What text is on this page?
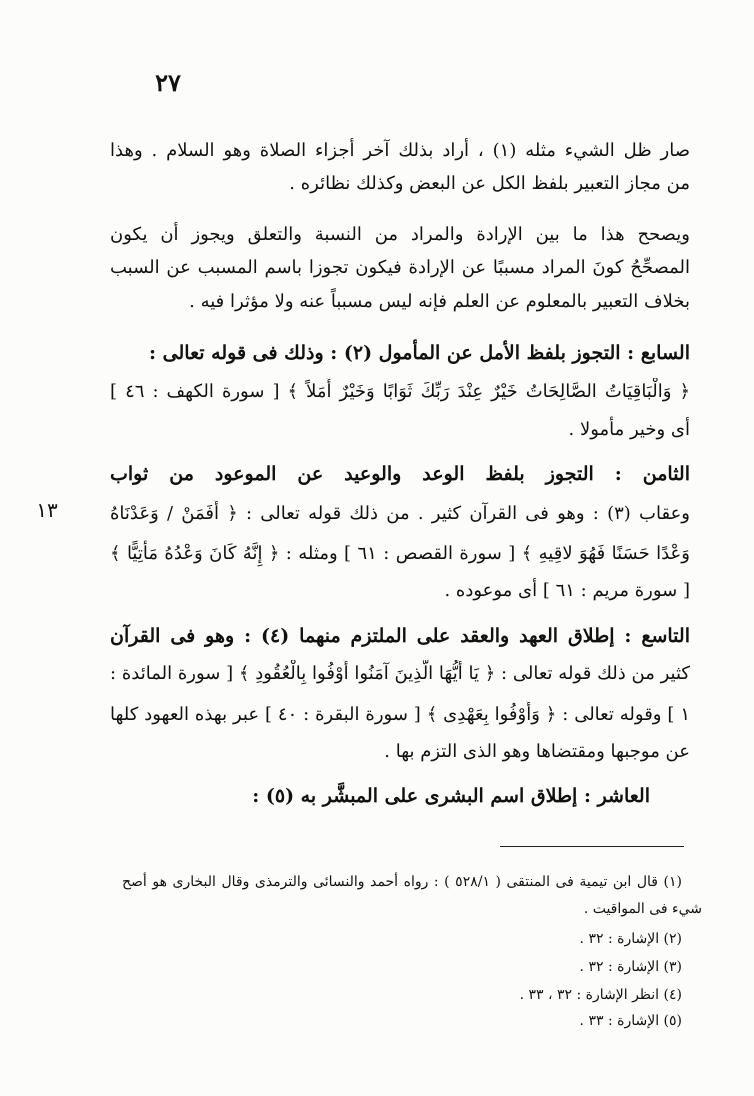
٢٧
١٣
صار ظل الشيء مثله (١) ، أراد بذلك آخر أجزاء الصلاة وهو السلام . وهذا
من مجاز التعبير بلفظ الكل عن البعض وكذلك نظائره .
ويصحح هذا ما بين الإرادة والمراد من النسبة والتعلق ويجوز أن يكون
المصحِّحُ كونَ المراد مسببًا عن الإرادة فيكون تجوزا باسم المسبب عن السبب
بخلاف التعبير بالمعلوم عن العلم فإنه ليس مسبباً عنه ولا مؤثرا فيه .
السابع : التجوز بلفظ الأمل عن المأمول (٢) : وذلك فى قوله تعالى :
﴿ وَالْبَاقِيَاتُ الصَّالِحَاتُ خَيْرٌ عِنْدَ رَبِّكَ ثَوَابًا وَخَيْرٌ أَمَلاً ﴾ [ سورة الكهف : ٤٦ ]
أى وخير مأمولا .
الثامن : التجوز بلفظ الوعد والوعيد عن الموعود من ثواب
وعقاب (٣) : وهو فى القرآن كثير . من ذلك قوله تعالى : ﴿ أَفَمَنْ / وَعَدْنَاهُ
وَعْدًا حَسَنًا فَهُوَ لاقِيهِ ﴾ [ سورة القصص : ٦١ ] ومثله : ﴿ إِنَّهُ كَانَ وَعْدُهُ مَأْتِيًّا ﴾
[ سورة مريم : ٦١ ] أى موعوده .
التاسع : إطلاق العهد والعقد على الملتزم منهما (٤) : وهو فى القرآن
كثير من ذلك قوله تعالى : ﴿ يَا أَيُّهَا الَّذِينَ آمَنُوا أَوْفُوا بِالْعُقُودِ ﴾ [ سورة المائدة :
١ ] وقوله تعالى : ﴿ وَأَوْفُوا بِعَهْدِى ﴾ [ سورة البقرة : ٤٠ ] عبر بهذه العهود كلها
عن موجبها ومقتضاها وهو الذى التزم بها .
العاشر : إطلاق اسم البشرى على المبشَّر به (٥) :
(١) قال ابن تيمية فى المنتقى ( ٥٢٨/١ ) : رواه أحمد والنسائى والترمذى وقال البخارى هو أصح
شيء فى المواقيت .
(٢) الإشارة : ٣٢ .
(٣) الإشارة : ٣٢ .
(٤) انظر الإشارة : ٣٢ ، ٣٣ .
(٥) الإشارة : ٣٣ .
